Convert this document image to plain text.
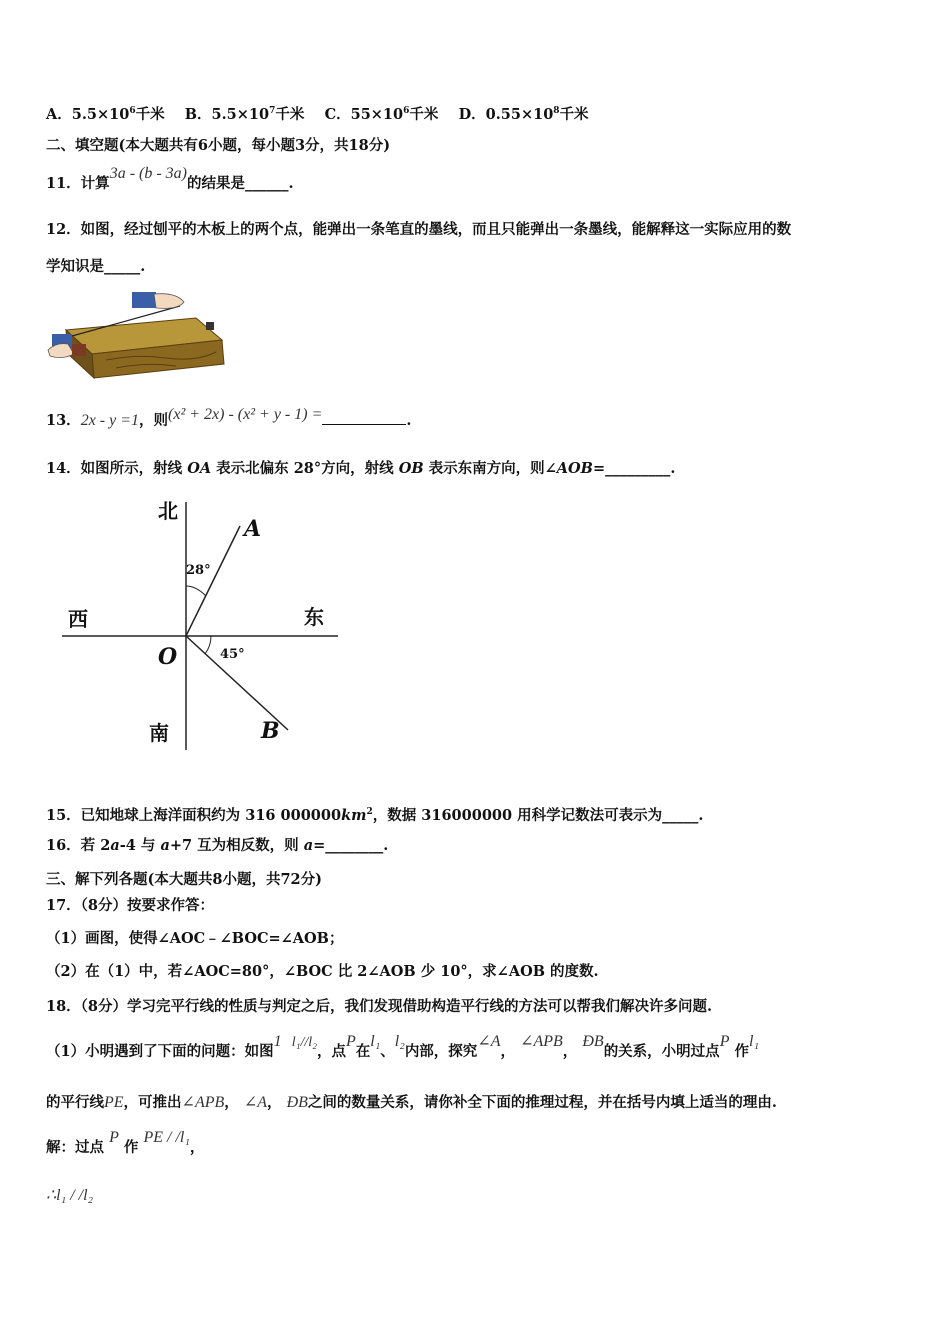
A．$5.5\times 10^6$千米 B．$5.5\times 10^7$千米 C．$55\times 10^6$千米 D．$0.55\times 10^8$千米
二、填空题(本大题共有6小题，每小题3分，共18分)
11．计算3a - (b - 3a)的结果是______.
12．如图，经过刨平的木板上的两个点，能弹出一条笔直的墨线，而且只能弹出一条墨线，能解释这一实际应用的数
学知识是_____.
13．2x - y =1，则(x² + 2x) - (x² + y - 1) =	.
14．如图所示，射线 OA 表示北偏东 28°方向，射线 OB 表示东南方向，则∠AOB=_________.
北
南
西	东
O
A
B
28°
45°
15．已知地球上海洋面积约为 316 $000000km^2$，数据 316000000 用科学记数法可表示为_____.
16．若 2a-4 与 a+7 互为相反数，则 a=________.
三、解下列各题(本大题共8小题，共72分)
17．（8分）按要求作答：
（1）画图，使得∠AOC﹣∠BOC=∠AOB；
（2）在（1）中，若∠AOC=80°，∠BOC 比 2∠AOB 少 10°，求∠AOB 的度数.
18．（8分）学习完平行线的性质与判定之后，我们发现借助构造平行线的方法可以帮我们解决许多问题.
（1）小明遇到了下面的问题：如图1 l₁//l₂，点P在l₁、l₂内部，探究∠A， ∠APB， ÐB的关系，小明过点P 作l₁
的平行线PE，可推出∠APB， ∠A， ÐB之间的数量关系，请你补全下面的推理过程，并在括号内填上适当的理由.
解：过点 P 作 PE / /l₁，
∴l₁ / /l₂
